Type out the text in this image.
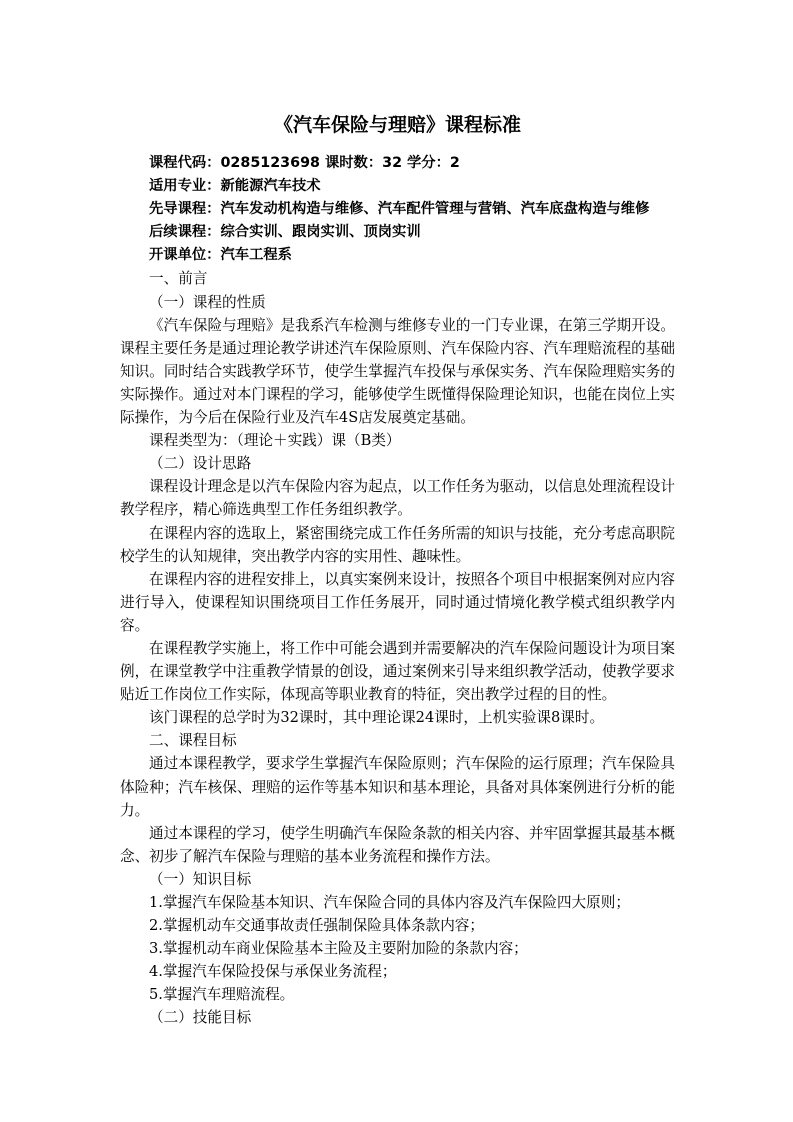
《汽车保险与理赔》课程标准

课程代码：0285123698 课时数：32 学分：2

适用专业：新能源汽车技术

先导课程：汽车发动机构造与维修、汽车配件管理与营销、汽车底盘构造与维修

后续课程：综合实训、跟岗实训、顶岗实训

开课单位：汽车工程系

一、前言

（一）课程的性质

《汽车保险与理赔》是我系汽车检测与维修专业的一门专业课，在第三学期开设。课程主要任务是通过理论教学讲述汽车保险原则、汽车保险内容、汽车理赔流程的基础知识。同时结合实践教学环节，使学生掌握汽车投保与承保实务、汽车保险理赔实务的实际操作。通过对本门课程的学习，能够使学生既懂得保险理论知识，也能在岗位上实际操作，为今后在保险行业及汽车4S店发展奠定基础。

课程类型为：（理论＋实践）课（B类）

（二）设计思路

课程设计理念是以汽车保险内容为起点，以工作任务为驱动，以信息处理流程设计教学程序，精心筛选典型工作任务组织教学。

在课程内容的选取上，紧密围绕完成工作任务所需的知识与技能，充分考虑高职院校学生的认知规律，突出教学内容的实用性、趣味性。

在课程内容的进程安排上，以真实案例来设计，按照各个项目中根据案例对应内容进行导入，使课程知识围绕项目工作任务展开，同时通过情境化教学模式组织教学内容。

在课程教学实施上，将工作中可能会遇到并需要解决的汽车保险问题设计为项目案例，在课堂教学中注重教学情景的创设，通过案例来引导来组织教学活动，使教学要求贴近工作岗位工作实际，体现高等职业教育的特征，突出教学过程的目的性。

该门课程的总学时为32课时，其中理论课24课时，上机实验课8课时。

二、课程目标

通过本课程教学，要求学生掌握汽车保险原则；汽车保险的运行原理；汽车保险具体险种；汽车核保、理赔的运作等基本知识和基本理论，具备对具体案例进行分析的能力。

通过本课程的学习，使学生明确汽车保险条款的相关内容、并牢固掌握其最基本概念、初步了解汽车保险与理赔的基本业务流程和操作方法。

（一）知识目标

1.掌握汽车保险基本知识、汽车保险合同的具体内容及汽车保险四大原则；

2.掌握机动车交通事故责任强制保险具体条款内容；

3.掌握机动车商业保险基本主险及主要附加险的条款内容；

4.掌握汽车保险投保与承保业务流程；

5.掌握汽车理赔流程。

（二）技能目标
